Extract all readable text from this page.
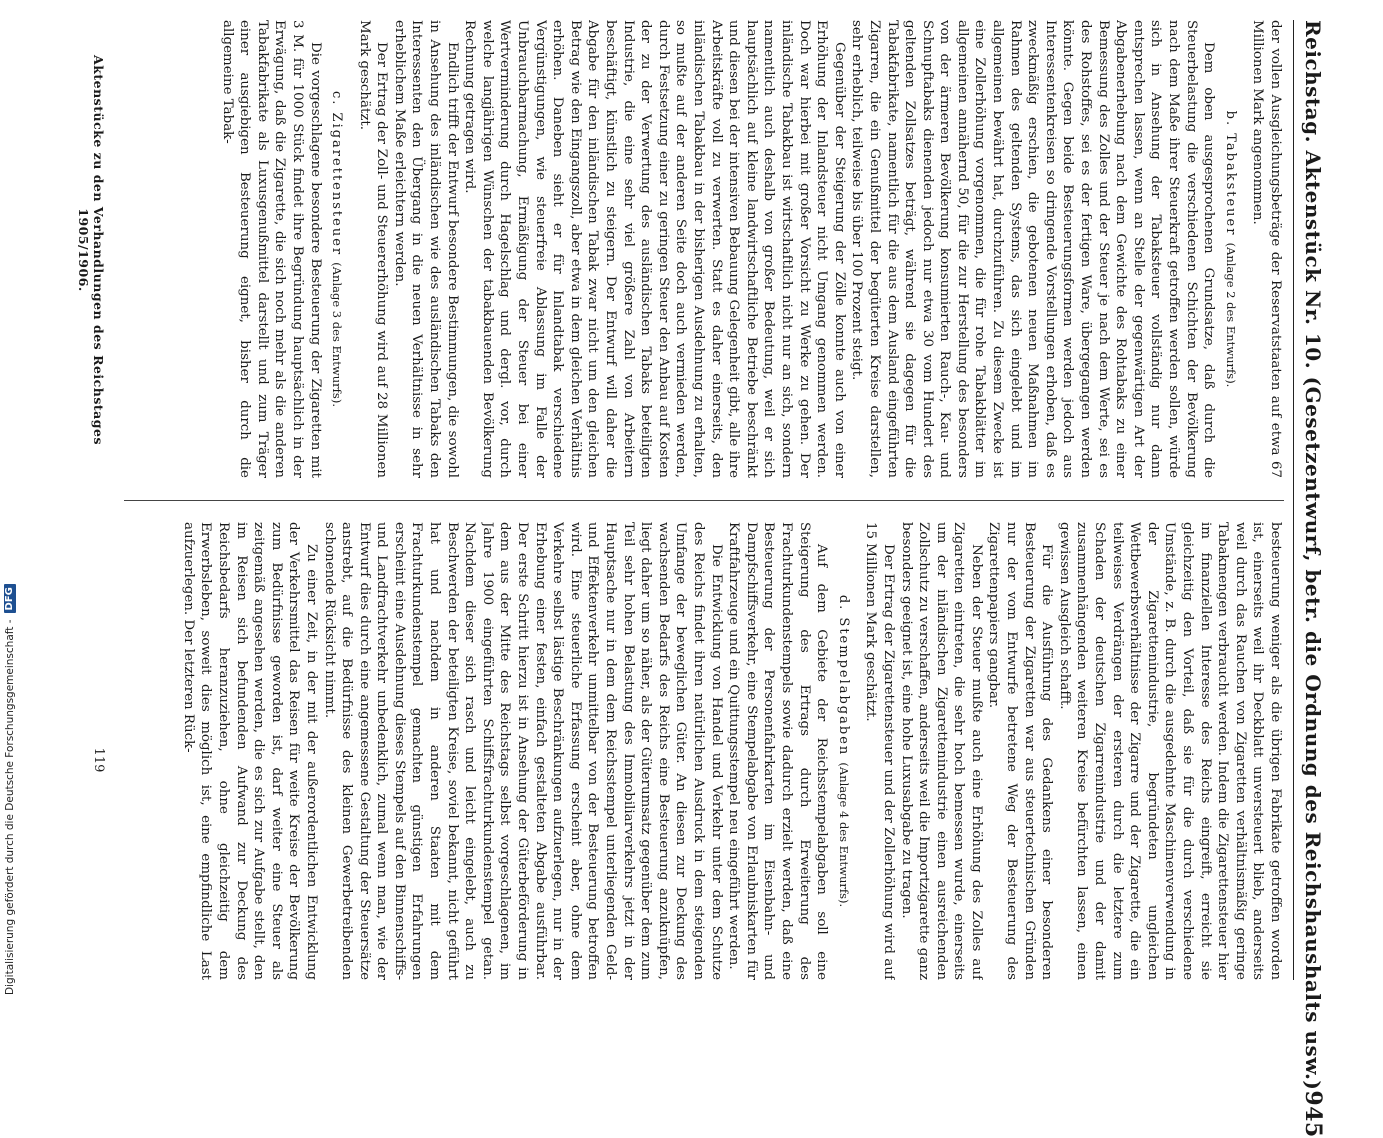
Reichstag. Aktenstück Nr. 10. (Gesetzentwurf, betr. die Ordnung des Reichshaushalts usw.)
945

der vollen Ausgleichungsbeträge der Reservatstaaten auf etwa 67 Millionen Mark angenommen.

b. Tabaksteuer (Anlage 2 des Entwurfs).

Dem oben ausgesprochenen Grundsatze, daß durch die Steuerbelastung die verschiedenen Schichten der Bevölkerung nach dem Maße ihrer Steuerkraft getroffen werden sollen, würde sich in Ansehung der Tabaksteuer vollständig nur dann entsprechen lassen, wenn an Stelle der gegenwärtigen Art der Abgabenerhebung nach dem Gewichte des Rohtabaks zu einer Bemessung des Zolles und der Steuer je nach dem Werte, sei es des Rohstoffes, sei es der fertigen Ware, übergegangen werden könnte. Gegen beide Besteuerungsformen werden jedoch aus Interessentenkreisen so dringende Vorstellungen erhoben, daß es zweckmäßig erschien, die gebotenen neuen Maßnahmen im Rahmen des geltenden Systems, das sich eingelebt und im allgemeinen bewährt hat, durchzuführen. Zu diesem Zwecke ist eine Zollerhöhung vorgenommen, die für rohe Tabakblätter im allgemeinen annähernd 50, für die zur Herstellung des besonders von der ärmeren Bevölkerung konsumierten Rauch-, Kau- und Schnupftabaks dienenden jedoch nur etwa 30 vom Hundert des geltenden Zollsatzes beträgt, während sie dagegen für die Tabakfabrikate, namentlich für die aus dem Ausland eingeführten Zigarren, die ein Genußmittel der begüterten Kreise darstellen, sehr erheblich, teilweise bis über 100 Prozent steigt.

Gegenüber der Steigerung der Zölle konnte auch von einer Erhöhung der Inlandsteuer nicht Umgang genommen werden. Doch war hierbei mit großer Vorsicht zu Werke zu gehen. Der inländische Tabakbau ist wirtschaftlich nicht nur an sich, sondern namentlich auch deshalb von großer Bedeutung, weil er sich hauptsächlich auf kleine landwirtschaftliche Betriebe beschränkt und diesen bei der intensiven Bebauung Gelegenheit gibt, alle ihre Arbeitskräfte voll zu verwerten. Statt es daher einerseits, den inländischen Tabakbau in der bisherigen Ausdehnung zu erhalten, so mußte auf der anderen Seite doch auch vermieden werden, durch Festsetzung einer zu geringen Steuer den Anbau auf Kosten der zu der Verwertung des ausländischen Tabaks beteiligten Industrie, die eine sehr viel größere Zahl von Arbeitern beschäftigt, künstlich zu steigern. Der Entwurf will daher die Abgabe für den inländischen Tabak zwar nicht um den gleichen Betrag wie den Eingangszoll, aber etwa in dem gleichen Verhältnis erhöhen. Daneben sieht er für Inlandtabak verschiedene Vergünstigungen, wie steuerfreie Ablassung im Falle der Unbrauchbarmachung, Ermäßigung der Steuer bei einer Wertverminderung durch Hagelschlag und dergl. vor, durch welche langjährigen Wünschen der tabakbauenden Bevölkerung Rechnung getragen wird.

Endlich trifft der Entwurf besondere Bestimmungen, die sowohl in Ansehung des inländischen wie des ausländischen Tabaks den Interessenten den Übergang in die neuen Verhältnisse in sehr erheblichem Maße erleichtern werden.

Der Ertrag der Zoll- und Steuererhöhung wird auf 28 Millionen Mark geschätzt.

c. Zigarettensteuer (Anlage 3 des Entwurfs).

Die vorgeschlagene besondere Besteuerung der Zigaretten mit 3 M. für 1000 Stück findet ihre Begründung hauptsächlich in der Erwägung, daß die Zigarette, die sich noch mehr als die anderen Tabakfabrikate als Luxusgenußmittel darstellt und zum Träger einer ausgiebigen Besteuerung eignet, bisher durch die allgemeine Tabak-

besteuerung weniger als die übrigen Fabrikate getroffen worden ist, einerseits weil ihr Deckblatt unversteuert blieb, anderseits weil durch das Rauchen von Zigaretten verhältnismäßig geringe Tabakmengen verbraucht werden. Indem die Zigarettensteuer hier im finanziellen Interesse des Reichs eingreift, erreicht sie gleichzeitig den Vorteil, daß sie für die durch verschiedene Umstände, z. B. durch die ausgedehnte Maschinenverwendung in der Zigarettenindustrie, begründeten ungleichen Wettbewerbsverhältnisse der Zigarre und der Zigarette, die ein teilweises Verdrängen der ersteren durch die letztere zum Schaden der deutschen Zigarrenindustrie und der damit zusammenhängenden weiteren Kreise befürchten lassen, einen gewissen Ausgleich schafft.

Für die Ausführung des Gedankens einer besonderen Besteuerung der Zigaretten war aus steuertechnischen Gründen nur der vom Entwurfe betretene Weg der Besteuerung des Zigarettenpapiers gangbar.

Neben der Steuer mußte auch eine Erhöhung des Zolles auf Zigaretten eintreten, die sehr hoch bemessen wurde, einerseits um der inländischen Zigarettenindustrie einen ausreichenden Zollschutz zu verschaffen, anderseits weil die Importzigarette ganz besonders geeignet ist, eine hohe Luxusabgabe zu tragen.

Der Ertrag der Zigarettensteuer und der Zollerhöhung wird auf 15 Millionen Mark geschätzt.

d. Stempelabgaben (Anlage 4 des Entwurfs).

Auf dem Gebiete der Reichsstempelabgaben soll eine Steigerung des Ertrags durch Erweiterung des Frachturkundenstempels sowie dadurch erzielt werden, daß eine Besteuerung der Personenfahrkarten im Eisenbahn- und Dampfschiffsverkehr, eine Stempelabgabe von Erlaubniskarten für Kraftfahrzeuge und ein Quittungsstempel neu eingeführt werden.

Die Entwicklung von Handel und Verkehr unter dem Schutze des Reichs findet ihren natürlichen Ausdruck in dem steigenden Umfange der beweglichen Güter. An diesen zur Deckung des wachsenden Bedarfs des Reichs eine Besteuerung anzuknüpfen, liegt daher um so näher, als der Güterumsatz gegenüber dem zum Teil sehr hohen Belastung des Immobiliarverkehrs jetzt in der Hauptsache nur in dem dem Reichsstempel unterliegenden Geld- und Effektenverkehr unmittelbar von der Besteuerung betroffen wird. Eine steuerliche Erfassung erscheint aber, ohne dem Verkehre selbst lästige Beschränkungen aufzuerlegen, nur in der Erhebung einer festen, einfach gestalteten Abgabe ausführbar. Der erste Schritt hierzu ist in Ansehung der Güterbeförderung in dem aus der Mitte des Reichstags selbst vorgeschlagenen, im Jahre 1900 eingeführten Schiffsfrachturkundenstempel getan. Nachdem dieser sich rasch und leicht eingelebt, auch zu Beschwerden der beteiligten Kreise, soviel bekannt, nicht geführt hat und nachdem in anderen Staaten mit dem Frachturkundenstempel gemachten günstigen Erfahrungen erscheint eine Ausdehnung dieses Stempels auf den Binnenschiffs- und Landfrachtverkehr unbedenklich, zumal wenn man, wie der Entwurf dies durch eine angemessene Gestaltung der Steuersätze anstrebt, auf die Bedürfnisse des kleinen Gewerbetreibenden schonende Rücksicht nimmt.

Zu einer Zeit, in der mit der außerordentlichen Entwicklung der Verkehrsmittel das Reisen für weite Kreise der Bevölkerung zum Bedürfnisse geworden ist, darf weiter eine Steuer als zeitgemäß angesehen werden, die es sich zur Aufgabe stellt, den im Reisen sich befundenden Aufwand zur Deckung des Reichsbedarfs heranzuziehen, ohne gleichzeitig dem Erwerbsleben, soweit dies möglich ist, eine empfindliche Last aufzuerlegen. Der letzteren Rück-

Aktenstücke zu den Verhandlungen des Reichstages 1905/1906.
119
Digitalisierung gefördert durch die Deutsche Forschungsgemeinschaft -
DFG
